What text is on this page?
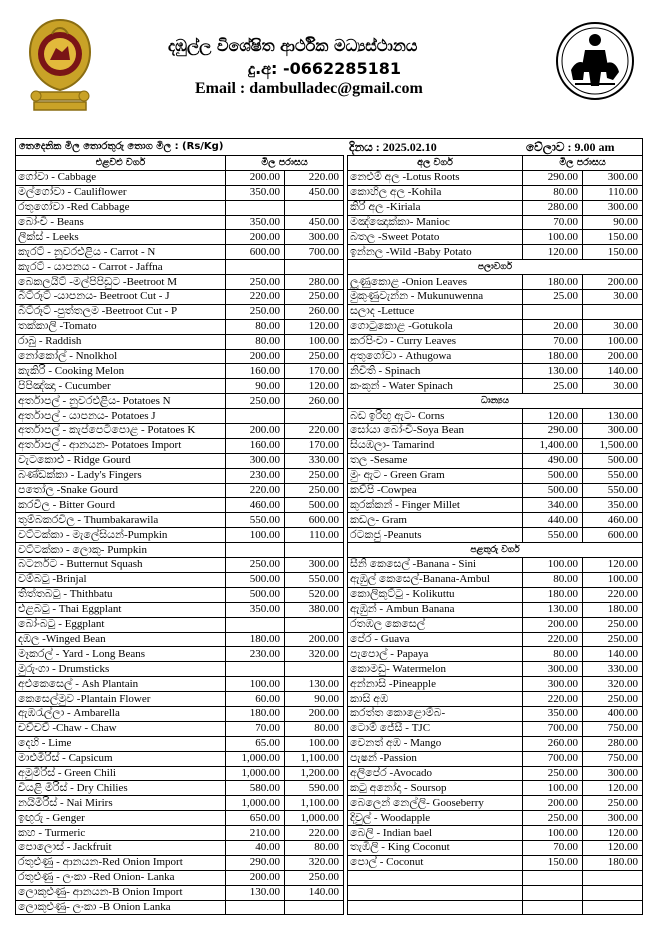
දඹුල්ල විශේෂිත ආර්ථික මධ්‍යස්ථානය
දු.අ: -0662285181
Email : dambulladec@gmail.com
තෙදෙනික මිල තොරතුරු තොග මිල : (Rs/Kg)	දිනය : 2025.02.10	වේලාව : 9.00 am
එළවළු වර්ග	මිල පරාසය			අල වර්ග	මිල පරාසය	
ගෝවා - Cabbage	200.00	220.00		නෙළුම් අල -Lotus Roots	290.00	300.00
මල්ගෝවා - Cauliflower	350.00	450.00		කොහිල අල -Kohila	80.00	110.00
රතුගෝවා -Red Cabbage				කිරි අල -Kiriala	280.00	300.00
බෝංචි - Beans	350.00	450.00		මඤ්ඤොක්කා- Manioc	70.00	90.00
ලීක්ස් - Leeks	200.00	300.00		බතල -Sweet Potato	100.00	150.00
කැරට් - නුවරඑළිය - Carrot - N	600.00	700.00		ඉන්නල -Wild -Baby Potato	120.00	150.00
කැරට් - යාපනය - Carrot - Jaffna				පලාවර්ග		
බෙකලයිට් -මල්පිපිඩුට -Beetroot M	250.00	280.00		ලූණුකොළ -Onion Leaves	180.00	200.00
බීට්රූට් -යාපනය- Beetroot Cut - J	220.00	250.00		මුකුණුවැන්න - Mukunuwenna	25.00	30.00
බීට්රූට් -පුත්තලම -Beetroot Cut - P	250.00	260.00		සලාද -Lettuce		
තක්කාලි -Tomato	80.00	120.00		ගොටුකොළ -Gotukola	20.00	30.00
රාබු - Raddish	80.00	100.00		කරපිංචා - Curry Leaves	70.00	100.00
නෝකෝල් - Nnolkhol	200.00	250.00		අතුගෝවා - Athugowa	180.00	200.00
කැකිරි - Cooking Melon	160.00	170.00		නිවිති - Spinach	130.00	140.00
පිපිඤ්ඤා - Cucumber	90.00	120.00		කංකුන් - Water Spinach	25.00	30.00
අර්තාපල් - නුවරඑළිය- Potatoes N	250.00	260.00		ධාන්‍යය		
අර්තාපල් - යාපනය- Potatoes J				බඩ ඉරිඟු ඇට- Corns	120.00	130.00
අර්තාපල් - කැප්පෙටිපොළ - Potatoes K	200.00	220.00		සෝයා බෝංචි-Soya Bean	290.00	300.00
අර්තාපල් - ආනයන- Potatoes Import	160.00	170.00		සියඹලා- Tamarind	1,400.00	1,500.00
වැටකොළු - Ridge Gourd	300.00	330.00		තල -Sesame	490.00	500.00
බණ්ඩක්කා - Lady's Fingers	230.00	250.00		මුං ඇට - Green Gram	500.00	550.00
පතෝල -Snake Gourd	220.00	250.00		කව්පි -Cowpea	500.00	550.00
කරවිල - Bitter Gourd	460.00	500.00		කුරක්කන් - Finger Millet	340.00	350.00
තුම්බකරවිල - Thumbakarawila	550.00	600.00		කඩල- Gram	440.00	460.00
වට්ටක්කා - මැලේසියන්-Pumpkin	100.00	110.00		රටකජු -Peanuts	550.00	600.00
වට්ටක්කා - ලොකු- Pumpkin				පළතුරු වර්ග		
බටර්නට - Butternut Squash	250.00	300.00		සීනි කෙසෙල් -Banana - Sini	100.00	120.00
වම්බටු -Brinjal	500.00	550.00		ඇඹුල් කෙසෙල්-Banana-Ambul	80.00	100.00
තිත්තබටු - Thithbatu	500.00	520.00		කොලිකුට්ටු - Kolikuttu	180.00	220.00
එළබටු - Thai Eggplant	350.00	380.00		ඇඹුන් - Ambun Banana	130.00	180.00
බෝංබටු - Eggplant				රතඹල කෙසෙල්	200.00	250.00
දඹල -Winged Bean	180.00	200.00		පේර - Guava	220.00	250.00
මෑකරල් - Yard - Long Beans	230.00	320.00		පැපොල් - Papaya	80.00	140.00
මුරුංගා - Drumsticks				කොමඩු- Watermelon	300.00	330.00
අළුකෙසෙල් - Ash Plantain	100.00	130.00		අන්නාසි -Pineapple	300.00	320.00
කෙසෙල්මුව -Plantain Flower	60.00	90.00		කාසි අඹ	220.00	250.00
ඇඹරැල්ලා - Ambarella	180.00	200.00		කරත්ත කොළොම්බ-	350.00	400.00
චව්චව් -Chaw - Chaw	70.00	80.00		ටොම් ජේසී - TJC	700.00	750.00
දෙහි - Lime	65.00	100.00		වෙනත් අඹ - Mango	260.00	280.00
මාළුමිරිස් - Capsicum	1,000.00	1,100.00		පැෂන් -Passion	700.00	750.00
අමුමිරිස් - Green Chili	1,000.00	1,200.00		අලිපේර -Avocado	250.00	300.00
වියළි මිරිස් - Dry Chilies	580.00	590.00		කටු අනෝදා - Soursop	100.00	120.00
නයිමිරිස් - Nai Mirirs	1,000.00	1,100.00		බෙලෙන් නෙල්ලි- Gooseberry	200.00	250.00
ඉඟුරු - Genger	650.00	1,000.00		දිවුල් - Woodapple	250.00	300.00
කහ - Turmeric	210.00	220.00		බෙලි - Indian bael	100.00	120.00
පොලොස් - Jackfruit	40.00	80.00		තැඹිලි - King Coconut	70.00	120.00
රතුළුණු - ආනයන-Red Onion Import	290.00	320.00		පොල් - Coconut	150.00	180.00
රතුළුණු - ලංකා -Red Onion- Lanka	200.00	250.00				
ලොකුළුණු- ආනයන-B Onion Import	130.00	140.00				
ලොකුළුණු- ලංකා -B Onion Lanka						
